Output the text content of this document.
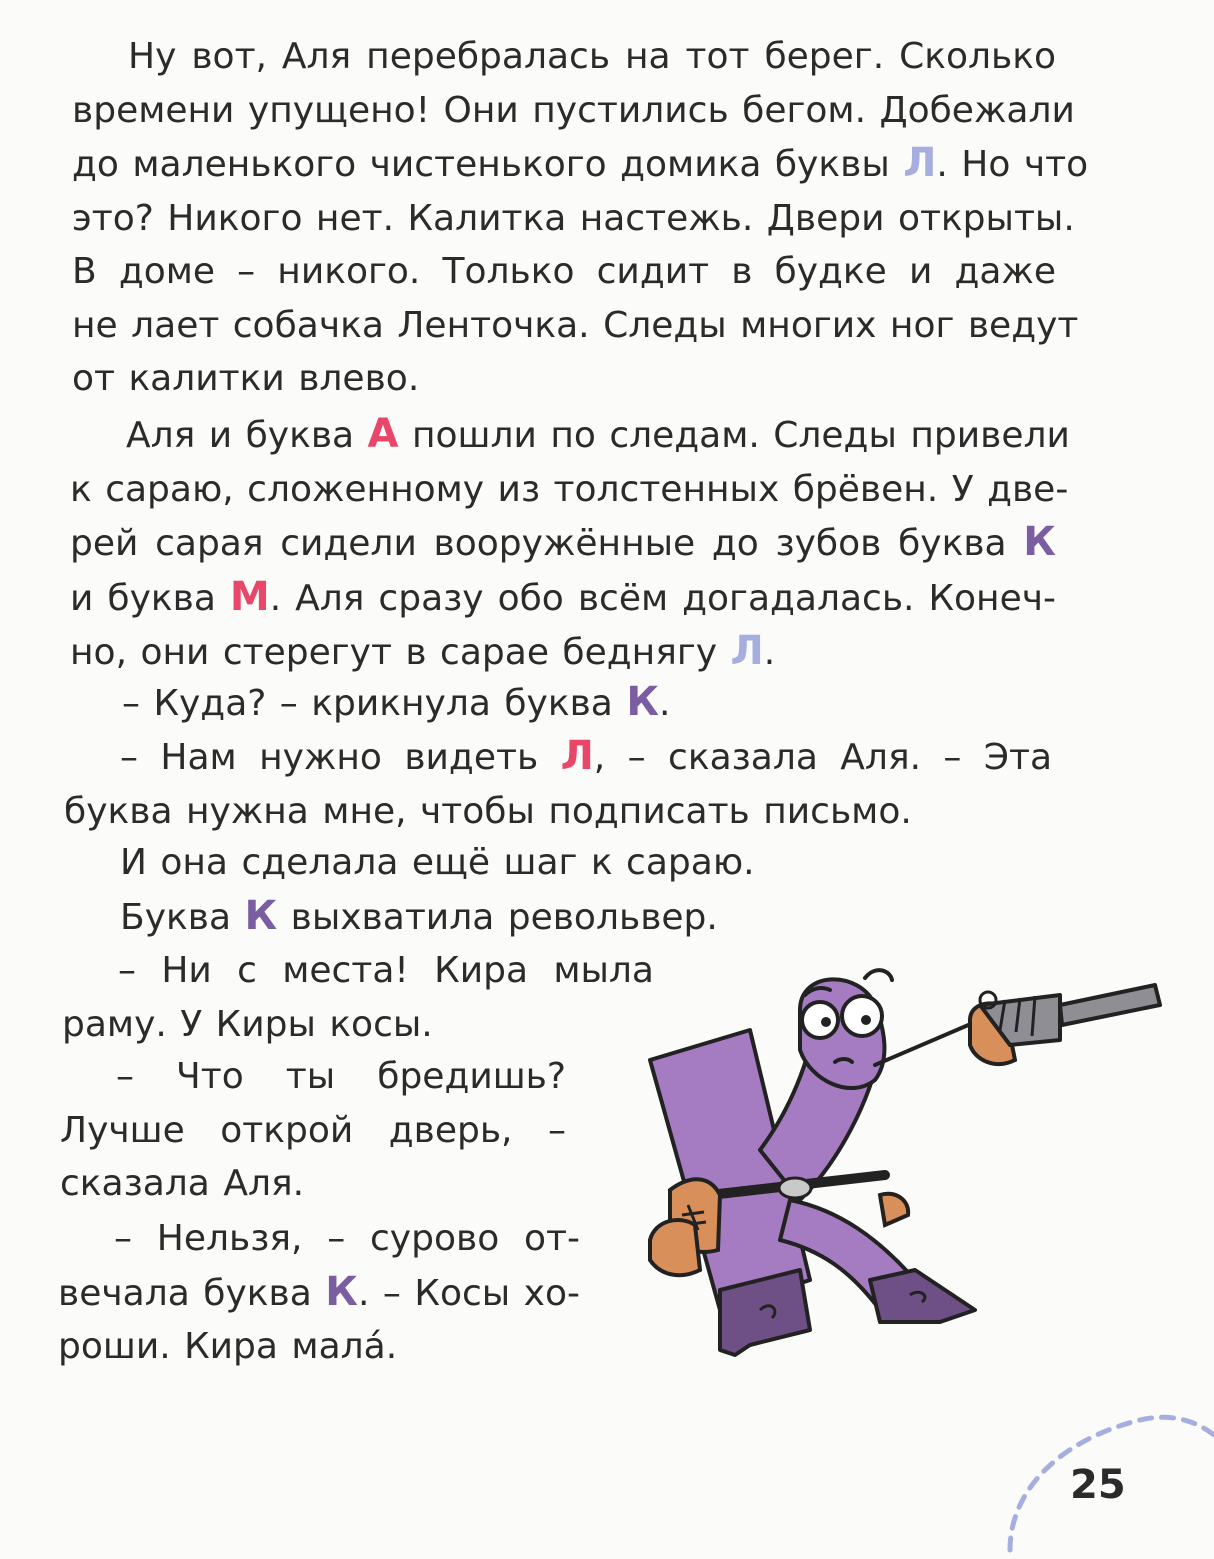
Ну вот, Аля перебралась на тот берег. Сколько
времени упущено! Они пустились бегом. Добежали
до маленького чистенького домика буквы Л. Но что
это? Никого нет. Калитка настежь. Двери открыты.
В доме – никого. Только сидит в будке и даже
не лает собачка Ленточка. Следы многих ног ведут
от калитки влево.
Аля и буква А пошли по следам. Следы привели
к сараю, сложенному из толстенных брёвен. У две-
рей сарая сидели вооружённые до зубов буква К
и буква М. Аля сразу обо всём догадалась. Конеч-
но, они стерегут в сарае беднягу Л.
– Куда? – крикнула буква К.
– Нам нужно видеть Л, – сказала Аля. – Эта
буква нужна мне, чтобы подписать письмо.
И она сделала ещё шаг к сараю.
Буква К выхватила револьвер.
– Ни с места! Кира мыла
раму. У Киры косы.
– Что ты бредишь?
Лучше открой дверь, –
сказала Аля.
– Нельзя, – сурово от-
вечала буква К. – Косы хо-
роши. Кира мала́.
25
